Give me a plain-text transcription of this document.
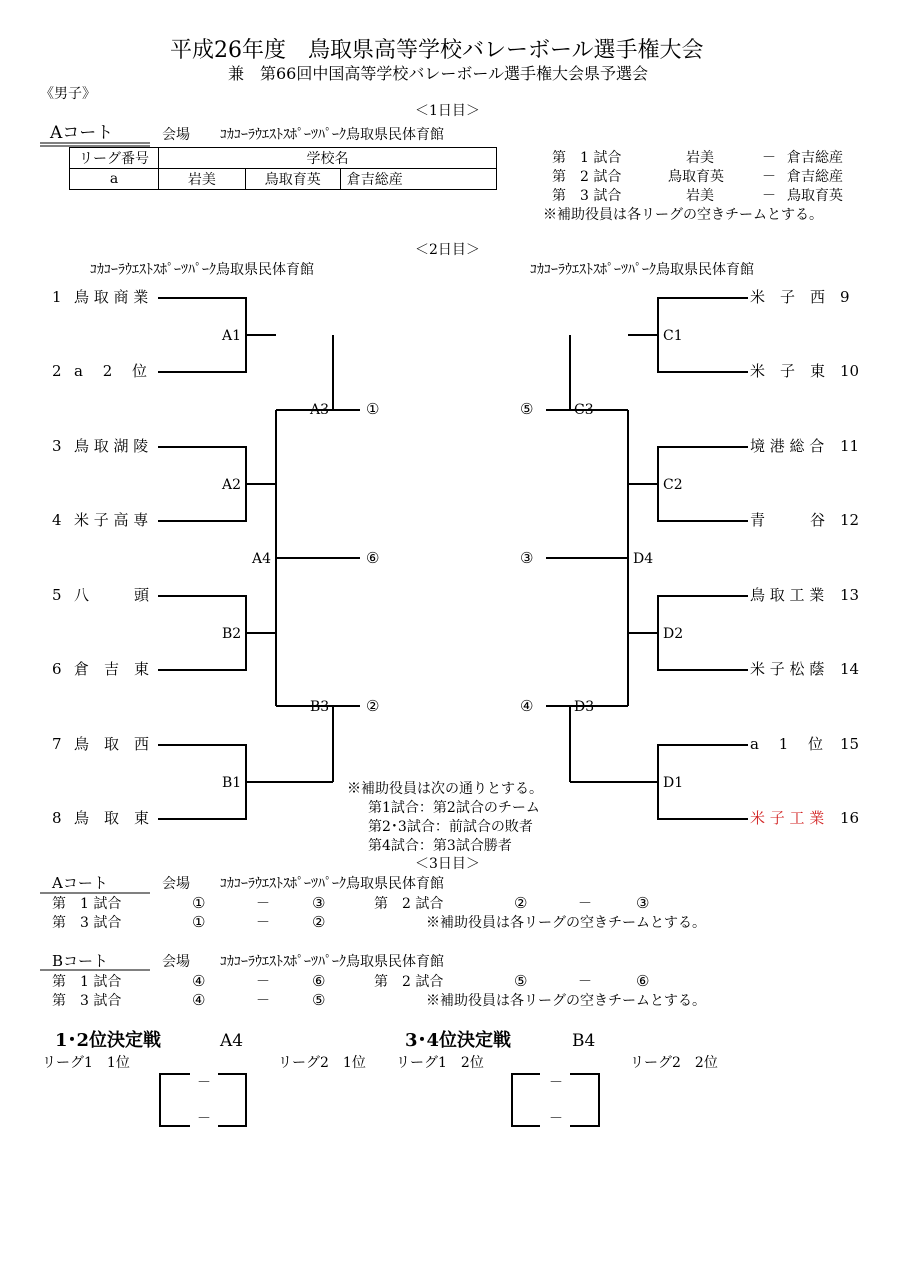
平成26年度　鳥取県高等学校バレーボール選手権大会
兼　第66回中国高等学校バレーボール選手権大会県予選会
《男子》
＜1日目＞
Aコート	会場 ｺｶｺｰﾗｳｴｽﾄｽﾎﾟｰﾂﾊﾟｰｸ鳥取県民体育館
リーグ番号	学校名		
a	岩美	鳥取育英	倉吉総産
第　1 試合	岩美	－ 倉吉総産
第　2 試合	鳥取育英	－ 倉吉総産
第　3 試合	岩美	－ 鳥取育英
※補助役員は各リーグの空きチームとする。
＜2日目＞
ｺｶｺｰﾗｳｴｽﾄｽﾎﾟｰﾂﾊﾟｰｸ鳥取県民体育館	ｺｶｺｰﾗｳｴｽﾄｽﾎﾟｰﾂﾊﾟｰｸ鳥取県民体育館
1 鳥 取 商 業
2 a　 2 　位
3 鳥 取 湖 陵
4 米 子 高 専
5 八　　　頭
6 倉　吉　東
7 鳥　取　西
8 鳥　取　東
米　子　西 9
米　子　東 10
境 港 総 合 11
青　　　谷 12
鳥 取 工 業 13
米 子 松 蔭 14
a　 1 　位 15
米 子 工 業 16
A1
A2
A3
A4
B2
B3
B1
C1
C3
C2
D4
D2
D3
D1
①
⑥
②
⑤
③
④
※補助役員は次の通りとする。
第1試合：第2試合のチーム
第2･3試合：前試合の敗者
第4試合：第3試合勝者
＜3日目＞
Aコート	会場 ｺｶｺｰﾗｳｴｽﾄｽﾎﾟｰﾂﾊﾟｰｸ鳥取県民体育館
第　1 試合	①	－	③	第　2 試合	②	－	③
第　3 試合	①	－	②	※補助役員は各リーグの空きチームとする。
Bコート	会場 ｺｶｺｰﾗｳｴｽﾄｽﾎﾟｰﾂﾊﾟｰｸ鳥取県民体育館
第　1 試合	④	－	⑥	第　2 試合	⑤	－	⑥
第　3 試合	④	－	⑤	※補助役員は各リーグの空きチームとする。
1･2位決定戦	A4
リーグ1　1位	リーグ2　1位
－
－
3･4位決定戦	B4
リーグ1　2位	リーグ2　2位
－
－
